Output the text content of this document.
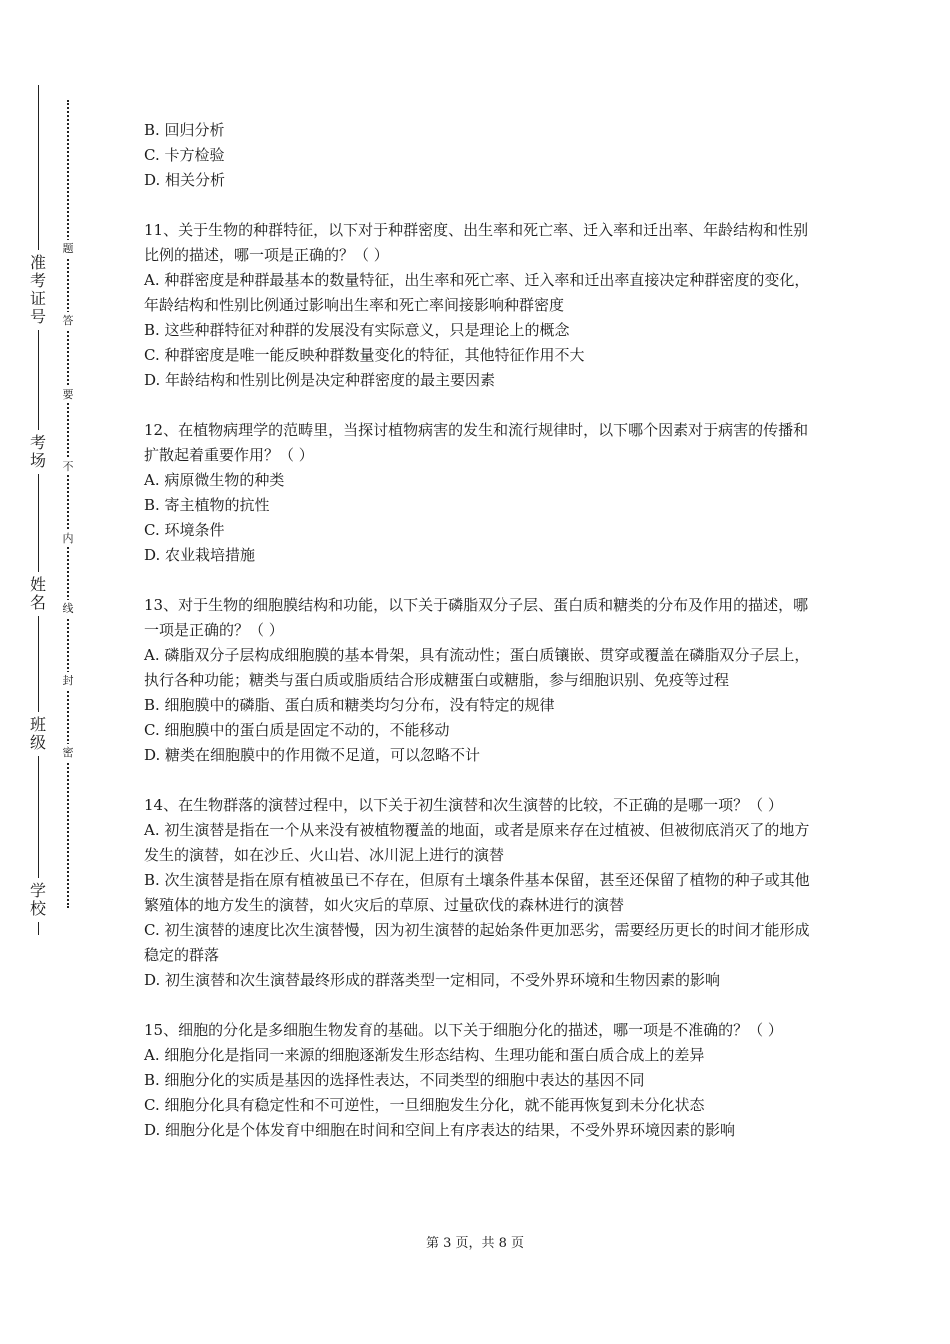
准考证号
考场
姓名
班级
学校
题
答
要
不
内
线
封
密

B. 回归分析

C. 卡方检验

D. 相关分析

11、关于生物的种群特征，以下对于种群密度、出生率和死亡率、迁入率和迁出率、年龄结构和性别比例的描述，哪一项是正确的？（ ）

A. 种群密度是种群最基本的数量特征，出生率和死亡率、迁入率和迁出率直接决定种群密度的变化，年龄结构和性别比例通过影响出生率和死亡率间接影响种群密度

B. 这些种群特征对种群的发展没有实际意义，只是理论上的概念

C. 种群密度是唯一能反映种群数量变化的特征，其他特征作用不大

D. 年龄结构和性别比例是决定种群密度的最主要因素

12、在植物病理学的范畴里，当探讨植物病害的发生和流行规律时，以下哪个因素对于病害的传播和扩散起着重要作用？（ ）

A. 病原微生物的种类

B. 寄主植物的抗性

C. 环境条件

D. 农业栽培措施

13、对于生物的细胞膜结构和功能，以下关于磷脂双分子层、蛋白质和糖类的分布及作用的描述，哪一项是正确的？（ ）

A. 磷脂双分子层构成细胞膜的基本骨架，具有流动性；蛋白质镶嵌、贯穿或覆盖在磷脂双分子层上，执行各种功能；糖类与蛋白质或脂质结合形成糖蛋白或糖脂，参与细胞识别、免疫等过程

B. 细胞膜中的磷脂、蛋白质和糖类均匀分布，没有特定的规律

C. 细胞膜中的蛋白质是固定不动的，不能移动

D. 糖类在细胞膜中的作用微不足道，可以忽略不计

14、在生物群落的演替过程中，以下关于初生演替和次生演替的比较，不正确的是哪一项？（ ）

A. 初生演替是指在一个从来没有被植物覆盖的地面，或者是原来存在过植被、但被彻底消灭了的地方发生的演替，如在沙丘、火山岩、冰川泥上进行的演替

B. 次生演替是指在原有植被虽已不存在，但原有土壤条件基本保留，甚至还保留了植物的种子或其他繁殖体的地方发生的演替，如火灾后的草原、过量砍伐的森林进行的演替

C. 初生演替的速度比次生演替慢，因为初生演替的起始条件更加恶劣，需要经历更长的时间才能形成稳定的群落

D. 初生演替和次生演替最终形成的群落类型一定相同，不受外界环境和生物因素的影响

15、细胞的分化是多细胞生物发育的基础。以下关于细胞分化的描述，哪一项是不准确的？（ ）

A. 细胞分化是指同一来源的细胞逐渐发生形态结构、生理功能和蛋白质合成上的差异

B. 细胞分化的实质是基因的选择性表达，不同类型的细胞中表达的基因不同

C. 细胞分化具有稳定性和不可逆性，一旦细胞发生分化，就不能再恢复到未分化状态

D. 细胞分化是个体发育中细胞在时间和空间上有序表达的结果，不受外界环境因素的影响

第 3 页，共 8 页
